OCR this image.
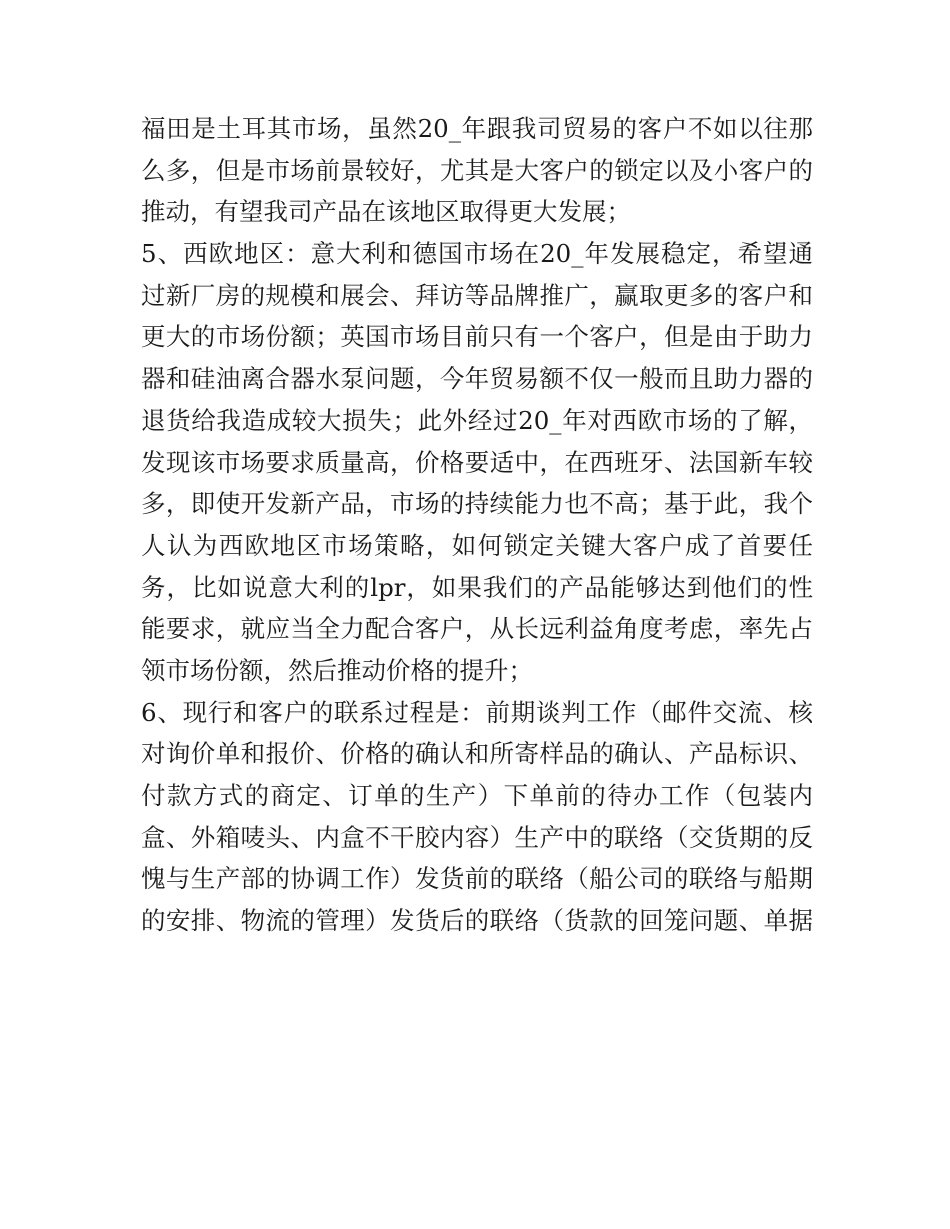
福田是土耳其市场，虽然20_年跟我司贸易的客户不如以往那
么多，但是市场前景较好，尤其是大客户的锁定以及小客户的
推动，有望我司产品在该地区取得更大发展；
5、西欧地区：意大利和德国市场在20_年发展稳定，希望通
过新厂房的规模和展会、拜访等品牌推广，赢取更多的客户和
更大的市场份额；英国市场目前只有一个客户，但是由于助力
器和硅油离合器水泵问题，今年贸易额不仅一般而且助力器的
退货给我造成较大损失；此外经过20_年对西欧市场的了解，
发现该市场要求质量高，价格要适中，在西班牙、法国新车较
多，即使开发新产品，市场的持续能力也不高；基于此，我个
人认为西欧地区市场策略，如何锁定关键大客户成了首要任
务，比如说意大利的lpr，如果我们的产品能够达到他们的性
能要求，就应当全力配合客户，从长远利益角度考虑，率先占
领市场份额，然后推动价格的提升；
6、现行和客户的联系过程是：前期谈判工作（邮件交流、核
对询价单和报价、价格的确认和所寄样品的确认、产品标识、
付款方式的商定、订单的生产）下单前的待办工作（包装内
盒、外箱唛头、内盒不干胶内容）生产中的联络（交货期的反
愧与生产部的协调工作）发货前的联络（船公司的联络与船期
的安排、物流的管理）发货后的联络（货款的回笼问题、单据
